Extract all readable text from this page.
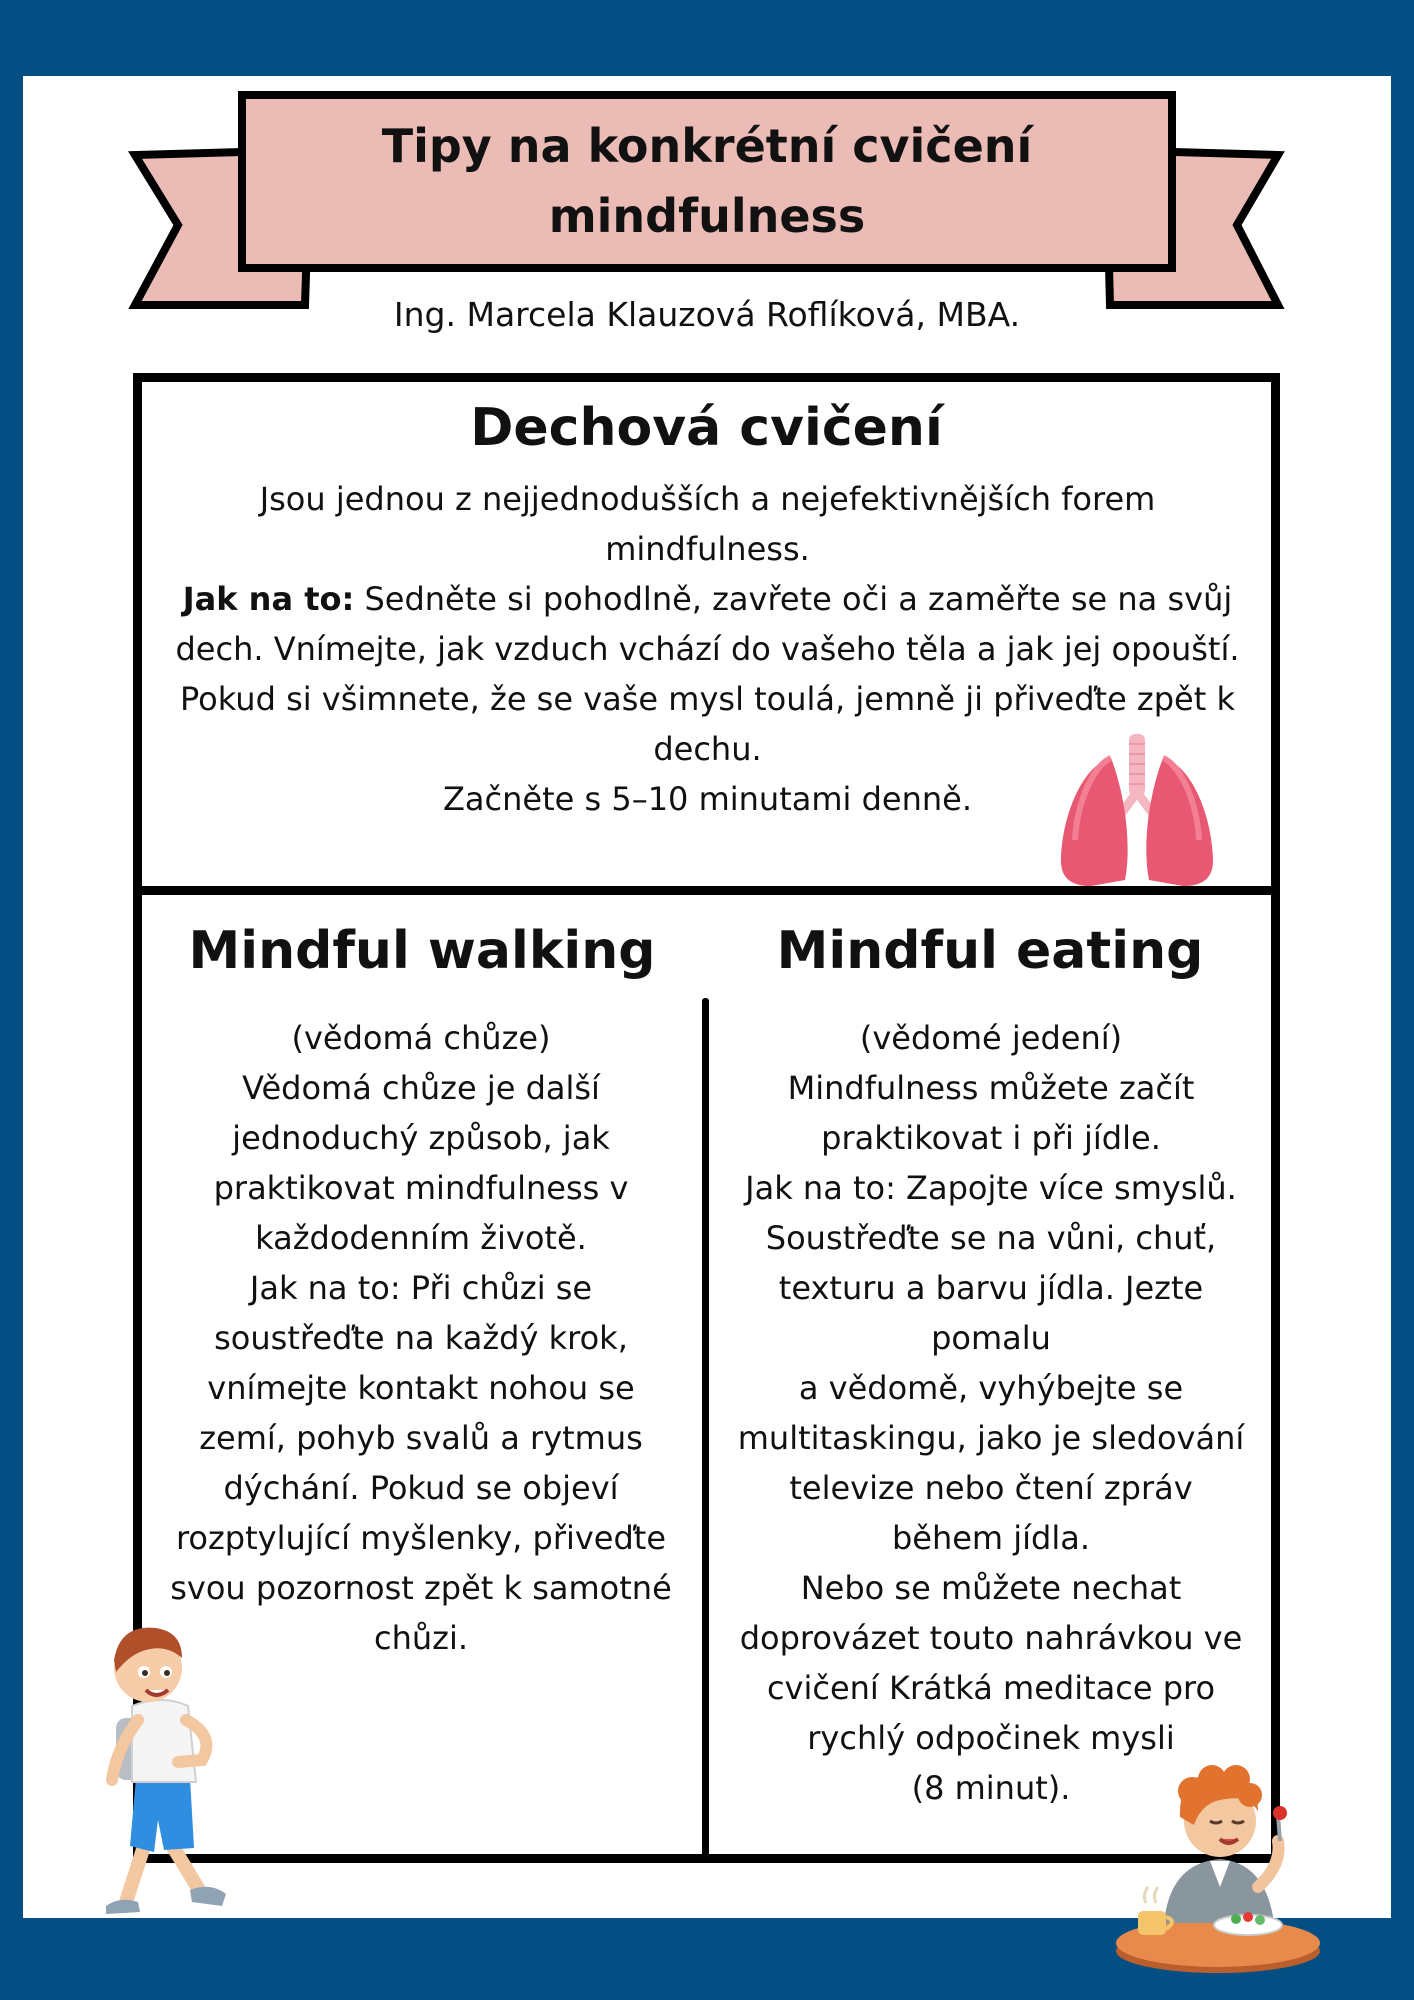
Tipy na konkrétní cvičení
mindfulness
Ing. Marcela Klauzová Roflíková, MBA.
Dechová cvičení

Jsou jednou z nejjednodušších a nejefektivnějších forem mindfulness.

Jak na to: Sedněte si pohodlně, zavřete oči a zaměřte se na svůj dech. Vnímejte, jak vzduch vchází do vašeho těla a jak jej opouští. Pokud si všimnete, že se vaše mysl toulá, jemně ji přiveďte zpět k dechu.

Začněte s 5–10 minutami denně.

Mindful walking

(vědomá chůze)

Vědomá chůze je další jednoduchý způsob, jak praktikovat mindfulness v každodenním životě.

Jak na to: Při chůzi se soustřeďte na každý krok, vnímejte kontakt nohou se zemí, pohyb svalů a rytmus dýchání. Pokud se objeví rozptylující myšlenky, přiveďte svou pozornost zpět k samotné chůzi.

Mindful eating

(vědomé jedení)

Mindfulness můžete začít praktikovat i při jídle.

Jak na to: Zapojte více smyslů. Soustřeďte se na vůni, chuť, texturu a barvu jídla. Jezte pomalu

a vědomě, vyhýbejte se multitaskingu, jako je sledování televize nebo čtení zpráv během jídla.

Nebo se můžete nechat doprovázet touto nahrávkou ve cvičení Krátká meditace pro rychlý odpočinek mysli

(8 minut).
